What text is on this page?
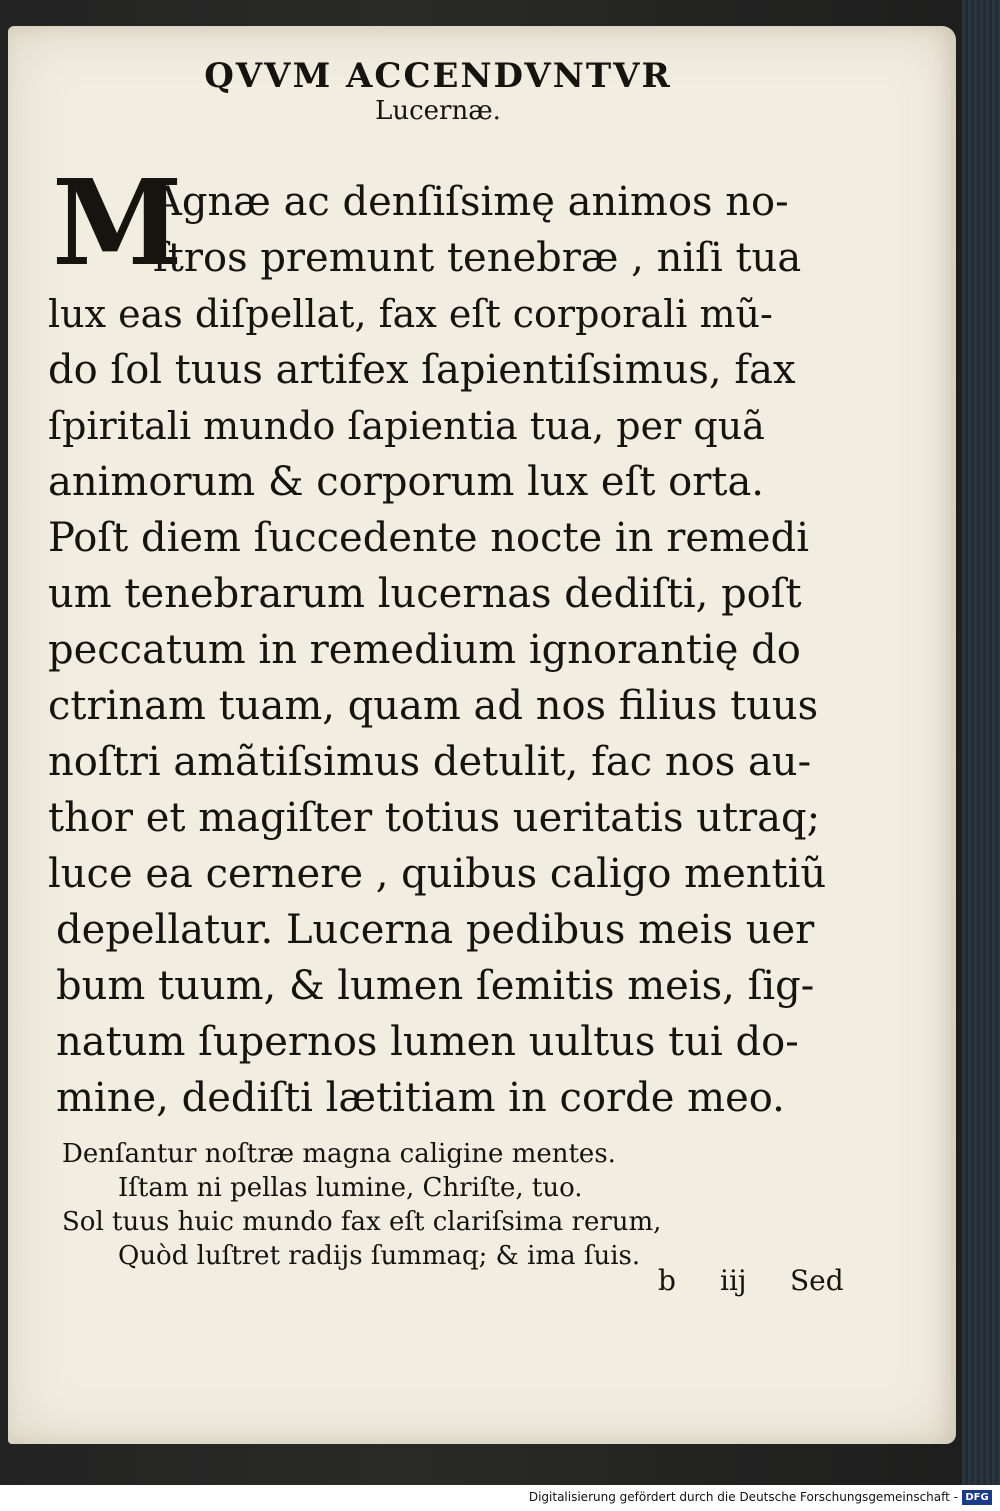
QVVM ACCENDVNTVR
Lucernæ.
M
Agnæ ac denſiſsimę animos no-
ſtros premunt tenebræ , niſi tua
lux eas diſpellat, fax eſt corporali mũ-
do ſol tuus artifex ſapientiſsimus, fax
ſpiritali mundo ſapientia tua, per quã
animorum & corporum lux eſt orta.
Poſt diem ſuccedente nocte in remedi
um tenebrarum lucernas dediſti, poſt
peccatum in remedium ignorantię do
ctrinam tuam, quam ad nos filius tuus
noſtri amãtiſsimus detulit, fac nos au-
thor et magiſter totius ueritatis utraq;
luce ea cernere , quibus caligo mentiũ
depellatur. Lucerna pedibus meis uer
bum tuum, & lumen ſemitis meis, ſig-
natum ſupernos lumen uultus tui do-
mine, dediſti lætitiam in corde meo.
Denſantur noſtræ magna caligine mentes.
Iſtam ni pellas lumine, Chriſte, tuo.
Sol tuus huic mundo fax eſt clariſsima rerum,
Quòd luſtret radijs ſummaq; & ima ſuis.
b iij Sed
Digitalisierung gefördert durch die Deutsche Forschungsgemeinschaft - DFG
